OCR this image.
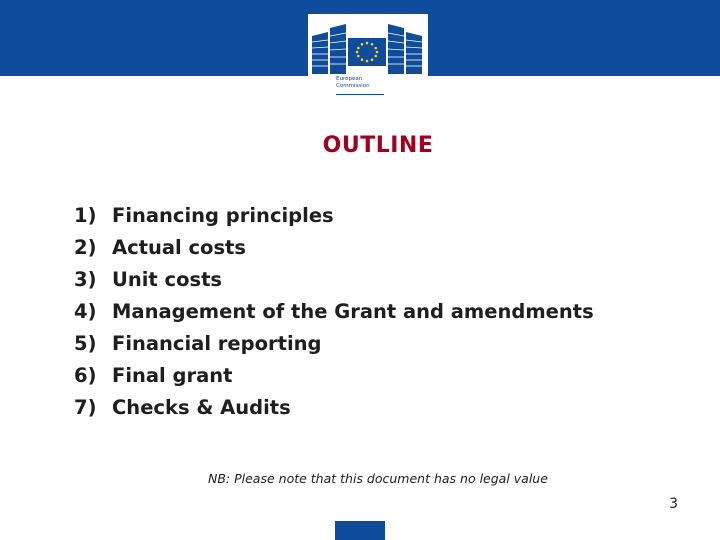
European
Commission
OUTLINE
1) Financing principles
2) Actual costs
3) Unit costs
4) Management of the Grant and amendments
5) Financial reporting
6) Final grant
7) Checks & Audits
NB: Please note that this document has no legal value
3
